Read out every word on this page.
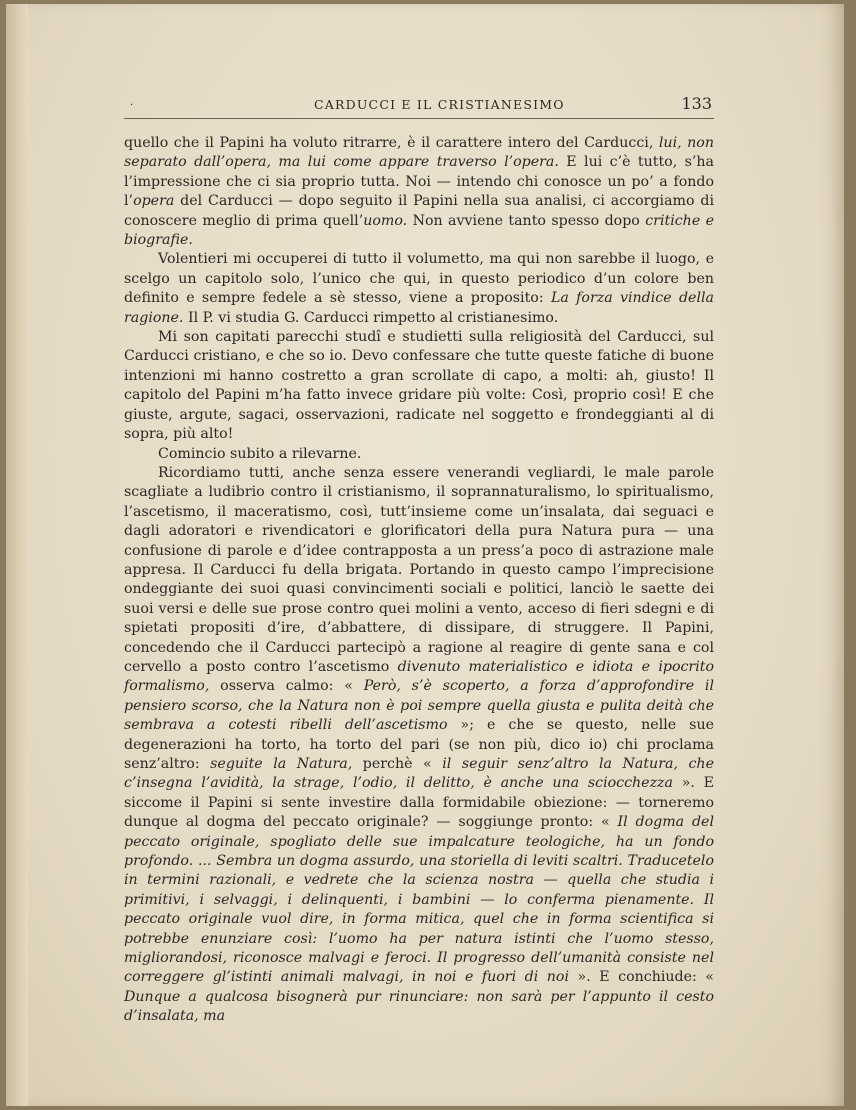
·	CARDUCCI E IL CRISTIANESIMO	133

quello che il Papini ha voluto ritrarre, è il carattere intero del Carducci, lui, non separato dall’opera, ma lui come appare traverso l’opera. E lui c’è tutto, s’ha l’impressione che ci sia proprio tutta. Noi — intendo chi conosce un po’ a fondo l’opera del Carducci — dopo seguito il Papini nella sua analisi, ci accorgiamo di conoscere meglio di prima quell’uomo. Non avviene tanto spesso dopo critiche e biografie.

Volentieri mi occuperei di tutto il volumetto, ma qui non sarebbe il luogo, e scelgo un capitolo solo, l’unico che qui, in questo periodico d’un colore ben definito e sempre fedele a sè stesso, viene a proposito: La forza vindice della ragione. Il P. vi studia G. Carducci rimpetto al cristianesimo.

Mi son capitati parecchi studî e studietti sulla religiosità del Carducci, sul Carducci cristiano, e che so io. Devo confessare che tutte queste fatiche di buone intenzioni mi hanno costretto a gran scrollate di capo, a molti: ah, giusto! Il capitolo del Papini m’ha fatto invece gridare più volte: Così, proprio così! E che giuste, argute, sagaci, osservazioni, radicate nel soggetto e frondeggianti al di sopra, più alto!

Comincio subito a rilevarne.

Ricordiamo tutti, anche senza essere venerandi vegliardi, le male parole scagliate a ludibrio contro il cristianismo, il soprannaturalismo, lo spiritualismo, l’ascetismo, il maceratismo, così, tutt’insieme come un’insalata, dai seguaci e dagli adoratori e rivendicatori e glorificatori della pura Natura pura — una confusione di parole e d’idee contrapposta a un press’a poco di astrazione male appresa. Il Carducci fu della brigata. Portando in questo campo l’imprecisione ondeggiante dei suoi quasi convincimenti sociali e politici, lanciò le saette dei suoi versi e delle sue prose contro quei molini a vento, acceso di fieri sdegni e di spietati propositi d’ire, d’abbattere, di dissipare, di struggere. Il Papini, concedendo che il Carducci partecipò a ragione al reagire di gente sana e col cervello a posto contro l’ascetismo divenuto materialistico e idiota e ipocrito formalismo, osserva calmo: « Però, s’è scoperto, a forza d’approfondire il pensiero scorso, che la Natura non è poi sempre quella giusta e pulita deità che sembrava a cotesti ribelli dell’ascetismo »; e che se questo, nelle sue degenerazioni ha torto, ha torto del pari (se non più, dico io) chi proclama senz’altro: seguite la Natura, perchè « il seguir senz’altro la Natura, che c’insegna l’avidità, la strage, l’odio, il delitto, è anche una sciocchezza ». E siccome il Papini si sente investire dalla formidabile obiezione: — torneremo dunque al dogma del peccato originale? — soggiunge pronto: « Il dogma del peccato originale, spogliato delle sue impalcature teologiche, ha un fondo profondo. ... Sembra un dogma assurdo, una storiella di leviti scaltri. Traducetelo in termini razionali, e vedrete che la scienza nostra — quella che studia i primitivi, i selvaggi, i delinquenti, i bambini — lo conferma pienamente. Il peccato originale vuol dire, in forma mitica, quel che in forma scientifica si potrebbe enunziare così: l’uomo ha per natura istinti che l’uomo stesso, migliorandosi, riconosce malvagi e feroci. Il progresso dell’umanità consiste nel correggere gl’istinti animali malvagi, in noi e fuori di noi ». E conchiude: « Dunque a qualcosa bisognerà pur rinunciare: non sarà per l’appunto il cesto d’insalata, ma
